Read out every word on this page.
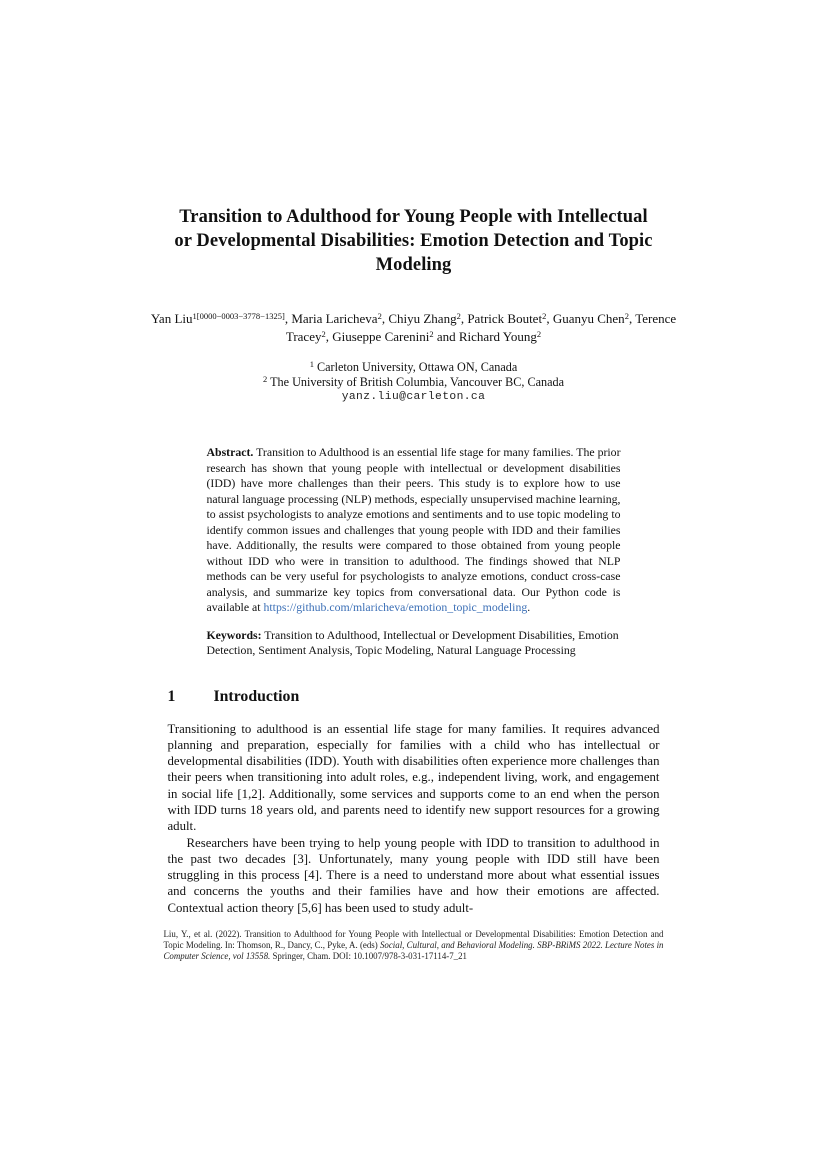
Transition to Adulthood for Young People with Intellectual or Developmental Disabilities: Emotion Detection and Topic Modeling
Yan Liu$^{1[0000-0003-3778-1325]}$, Maria Laricheva$^2$, Chiyu Zhang$^2$, Patrick Boutet$^2$, Guanyu Chen$^2$, Terence Tracey$^2$, Giuseppe Carenini$^2$ and Richard Young$^2$
$^1$ Carleton University, Ottawa ON, Canada
$^2$ The University of British Columbia, Vancouver BC, Canada
yanz.liu@carleton.ca
Abstract. Transition to Adulthood is an essential life stage for many families. The prior research has shown that young people with intellectual or development disabilities (IDD) have more challenges than their peers. This study is to explore how to use natural language processing (NLP) methods, especially unsupervised machine learning, to assist psychologists to analyze emotions and sentiments and to use topic modeling to identify common issues and challenges that young people with IDD and their families have. Additionally, the results were compared to those obtained from young people without IDD who were in transition to adulthood. The findings showed that NLP methods can be very useful for psychologists to analyze emotions, conduct cross-case analysis, and summarize key topics from conversational data. Our Python code is available at https://github.com/mlaricheva/emotion_topic_modeling.
Keywords: Transition to Adulthood, Intellectual or Development Disabilities, Emotion Detection, Sentiment Analysis, Topic Modeling, Natural Language Processing
1	Introduction

Transitioning to adulthood is an essential life stage for many families. It requires advanced planning and preparation, especially for families with a child who has intellectual or developmental disabilities (IDD). Youth with disabilities often experience more challenges than their peers when transitioning into adult roles, e.g., independent living, work, and engagement in social life [1,2]. Additionally, some services and supports come to an end when the person with IDD turns 18 years old, and parents need to identify new support resources for a growing adult.

Researchers have been trying to help young people with IDD to transition to adulthood in the past two decades [3]. Unfortunately, many young people with IDD still have been struggling in this process [4]. There is a need to understand more about what essential issues and concerns the youths and their families have and how their emotions are affected. Contextual action theory [5,6] has been used to study adult-

Liu, Y., et al. (2022). Transition to Adulthood for Young People with Intellectual or Developmental Disabilities: Emotion Detection and Topic Modeling. In: Thomson, R., Dancy, C., Pyke, A. (eds) Social, Cultural, and Behavioral Modeling. SBP-BRiMS 2022. Lecture Notes in Computer Science, vol 13558. Springer, Cham. DOI: 10.1007/978-3-031-17114-7_21
